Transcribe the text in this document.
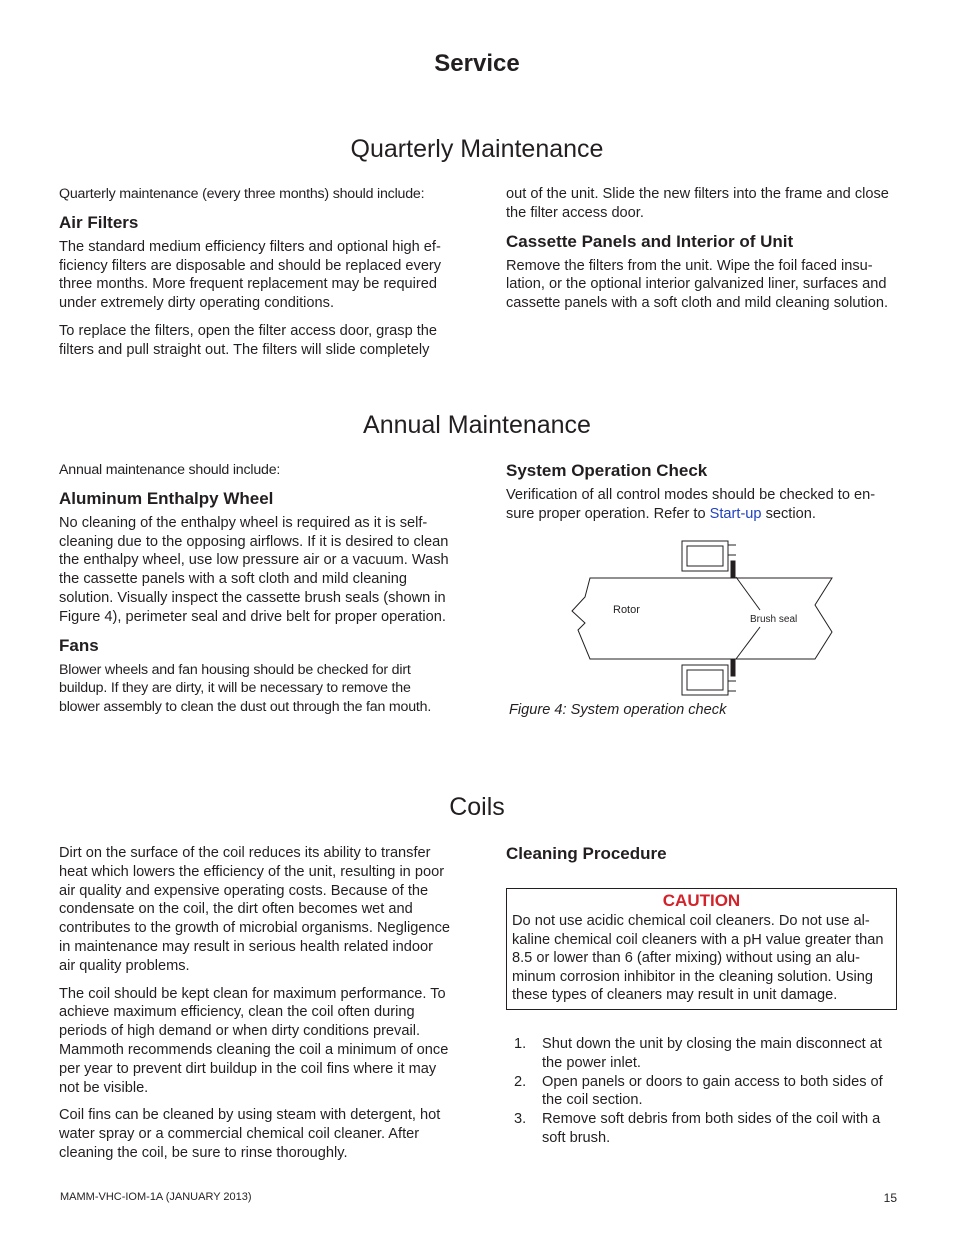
Service
Quarterly Maintenance

Quarterly maintenance (every three months) should include:

Air Filters

The standard medium efficiency filters and optional high ef-ficiency filters are disposable and should be replaced every three months. More frequent replacement may be required under extremely dirty operating conditions.

To replace the filters, open the filter access door, grasp the filters and pull straight out. The filters will slide completely

out of the unit. Slide the new filters into the frame and close the filter access door.

Cassette Panels and Interior of Unit

Remove the filters from the unit. Wipe the foil faced insu-lation, or the optional interior galvanized liner, surfaces and cassette panels with a soft cloth and mild cleaning solution.

Annual Maintenance

Annual maintenance should include:

Aluminum Enthalpy Wheel

No cleaning of the enthalpy wheel is required as it is self-cleaning due to the opposing airflows. If it is desired to clean the enthalpy wheel, use low pressure air or a vacuum. Wash the cassette panels with a soft cloth and mild cleaning solution. Visually inspect the cassette brush seals (shown in Figure 4), perimeter seal and drive belt for proper operation.

Fans

Blower wheels and fan housing should be checked for dirt buildup. If they are dirty, it will be necessary to remove the blower assembly to clean the dust out through the fan mouth.

System Operation Check

Verification of all control modes should be checked to en-sure proper operation. Refer to Start-up section.

Rotor
Brush seal
Figure 4: System operation check
Coils

Dirt on the surface of the coil reduces its ability to transfer heat which lowers the efficiency of the unit, resulting in poor air quality and expensive operating costs. Because of the condensate on the coil, the dirt often becomes wet and contributes to the growth of microbial organisms. Negligence in maintenance may result in serious health related indoor air quality problems.

The coil should be kept clean for maximum performance. To achieve maximum efficiency, clean the coil often during periods of high demand or when dirty conditions prevail. Mammoth recommends cleaning the coil a minimum of once per year to prevent dirt buildup in the coil fins where it may not be visible.

Coil fins can be cleaned by using steam with detergent, hot water spray or a commercial chemical coil cleaner. After cleaning the coil, be sure to rinse thoroughly.

Cleaning Procedure
CAUTION
Do not use acidic chemical coil cleaners. Do not use al-kaline chemical coil cleaners with a pH value greater than 8.5 or lower than 6 (after mixing) without using an alu-minum corrosion inhibitor in the cleaning solution. Using these types of cleaners may result in unit damage.
1. Shut down the unit by closing the main disconnect at the power inlet.
2. Open panels or doors to gain access to both sides of the coil section.
3. Remove soft debris from both sides of the coil with a soft brush.
MAMM-VHC-IOM-1A (JANUARY 2013)	15
